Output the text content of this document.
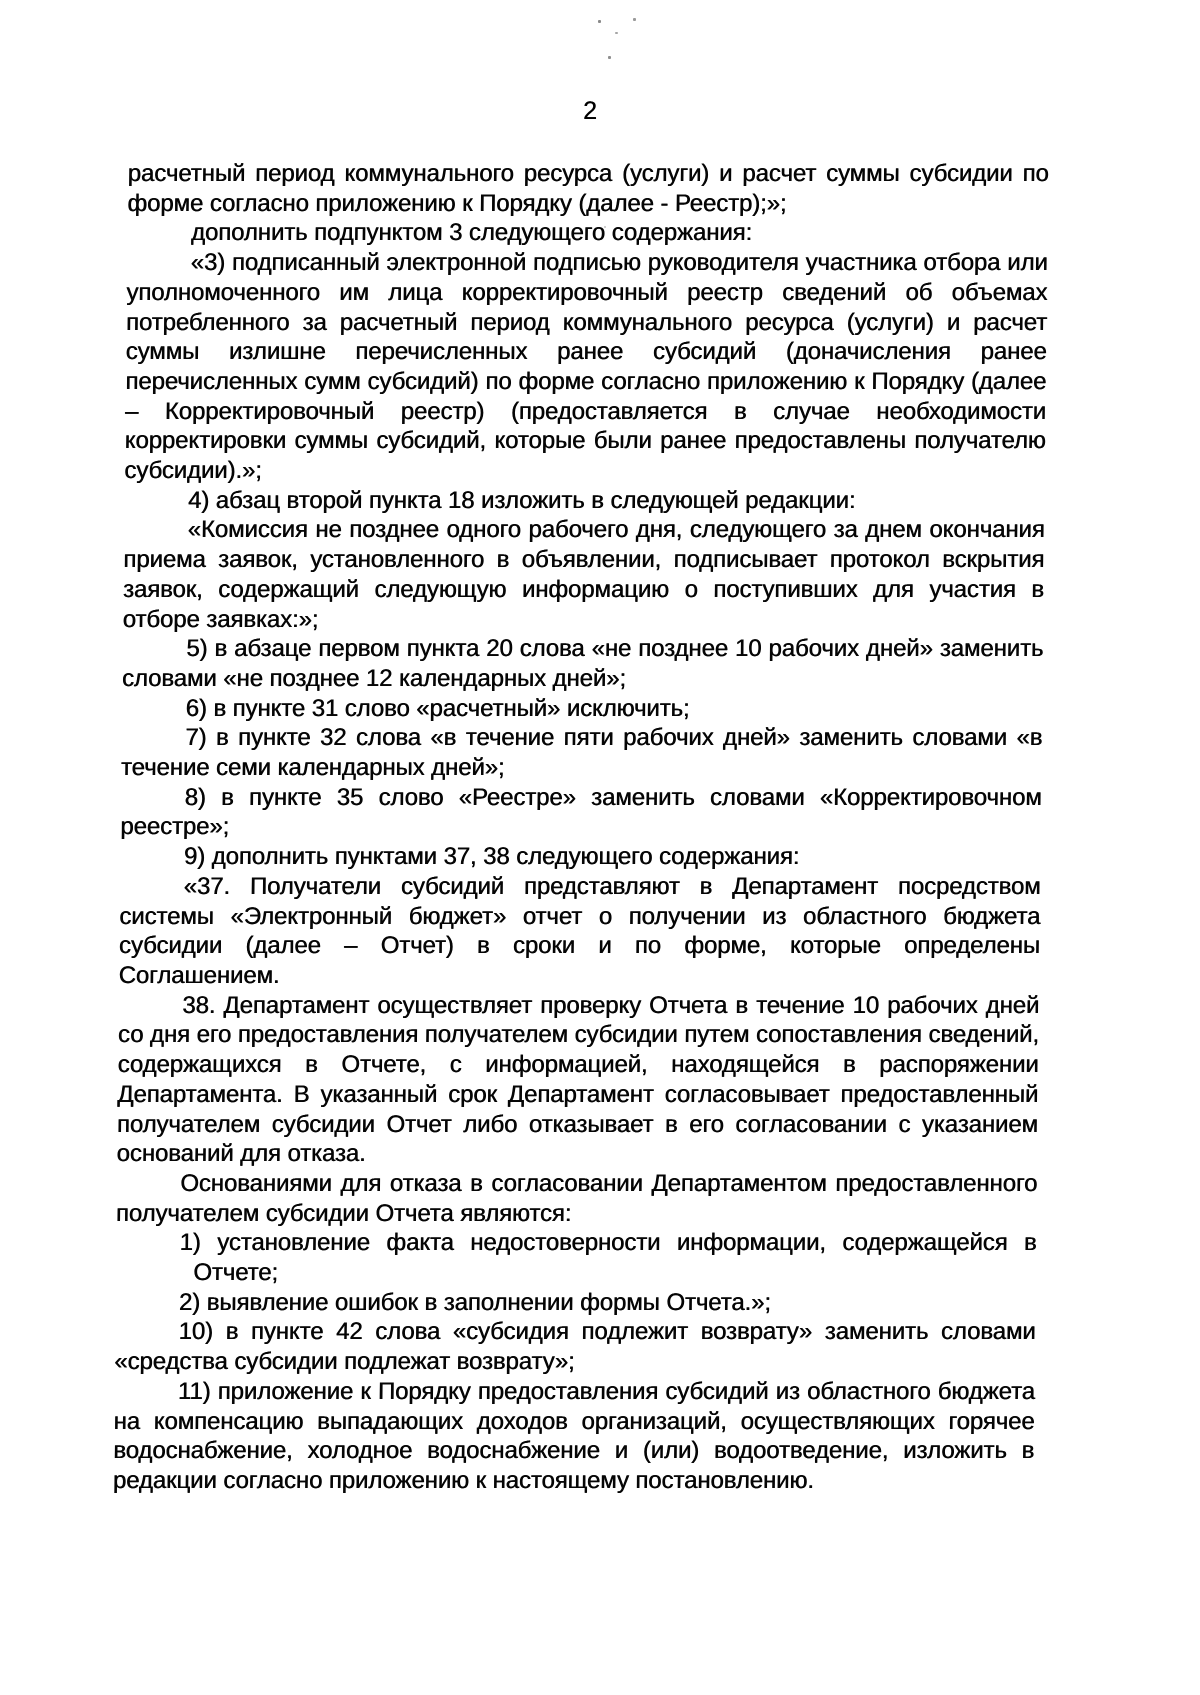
2

расчетный период коммунального ресурса (услуги) и расчет суммы субсидии по форме согласно приложению к Порядку (далее - Реестр);»;

дополнить подпунктом 3 следующего содержания:

«3) подписанный электронной подписью руководителя участника отбора или уполномоченного им лица корректировочный реестр сведений об объемах потребленного за расчетный период коммунального ресурса (услуги) и расчет суммы излишне перечисленных ранее субсидий (доначисления ранее перечисленных сумм субсидий) по форме согласно приложению к Порядку (далее – Корректировочный реестр) (предоставляется в случае необходимости корректировки суммы субсидий, которые были ранее предоставлены получателю субсидии).»;

4) абзац второй пункта 18 изложить в следующей редакции:

«Комиссия не позднее одного рабочего дня, следующего за днем окончания приема заявок, установленного в объявлении, подписывает протокол вскрытия заявок, содержащий следующую информацию о поступивших для участия в отборе заявках:»;

5) в абзаце первом пункта 20 слова «не позднее 10 рабочих дней» заменить словами «не позднее 12 календарных дней»;

6) в пункте 31 слово «расчетный» исключить;

7) в пункте 32 слова «в течение пяти рабочих дней» заменить словами «в течение семи календарных дней»;

8) в пункте 35 слово «Реестре» заменить словами «Корректировочном реестре»;

9) дополнить пунктами 37, 38 следующего содержания:

«37. Получатели субсидий представляют в Департамент посредством системы «Электронный бюджет» отчет о получении из областного бюджета субсидии (далее – Отчет) в сроки и по форме, которые определены Соглашением.

38. Департамент осуществляет проверку Отчета в течение 10 рабочих дней со дня его предоставления получателем субсидии путем сопоставления сведений, содержащихся в Отчете, с информацией, находящейся в распоряжении Департамента. В указанный срок Департамент согласовывает предоставленный получателем субсидии Отчет либо отказывает в его согласовании с указанием оснований для отказа.

Основаниями для отказа в согласовании Департаментом предоставленного получателем субсидии Отчета являются:

1) установление факта недостоверности информации, содержащейся в Отчете;

2) выявление ошибок в заполнении формы Отчета.»;

10) в пункте 42 слова «субсидия подлежит возврату» заменить словами «средства субсидии подлежат возврату»;

11) приложение к Порядку предоставления субсидий из областного бюджета на компенсацию выпадающих доходов организаций, осуществляющих горячее водоснабжение, холодное водоснабжение и (или) водоотведение, изложить в редакции согласно приложению к настоящему постановлению.
